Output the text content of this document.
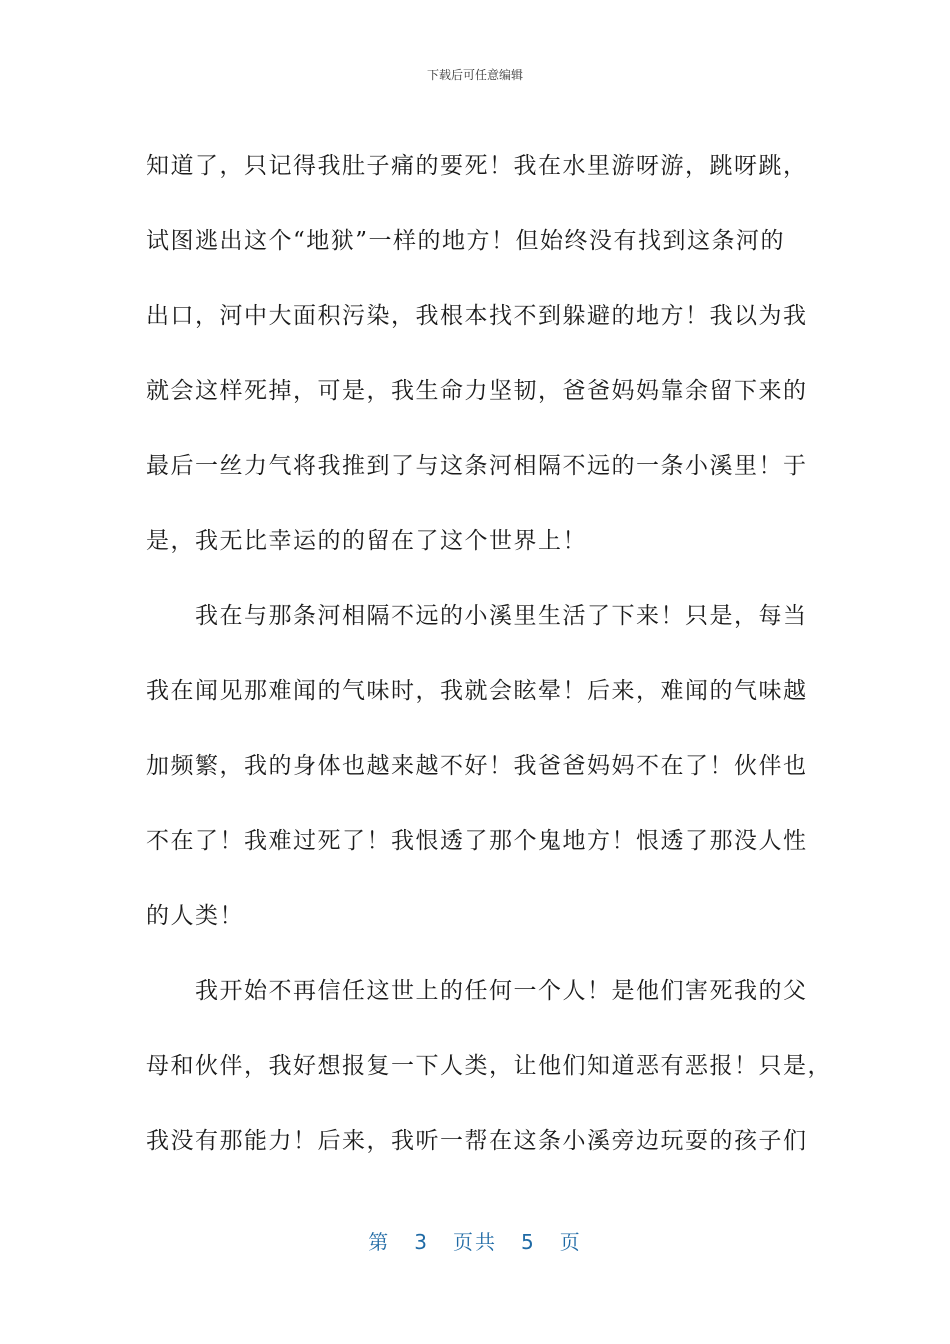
下载后可任意编辑
知道了，只记得我肚子痛的要死！我在水里游呀游，跳呀跳，
试图逃出这个“地狱”一样的地方！但始终没有找到这条河的
出口，河中大面积污染，我根本找不到躲避的地方！我以为我
就会这样死掉，可是，我生命力坚韧，爸爸妈妈靠余留下来的
最后一丝力气将我推到了与这条河相隔不远的一条小溪里！于
是，我无比幸运的的留在了这个世界上！
　　我在与那条河相隔不远的小溪里生活了下来！只是，每当
我在闻见那难闻的气味时，我就会眩晕！后来，难闻的气味越
加频繁，我的身体也越来越不好！我爸爸妈妈不在了！伙伴也
不在了！我难过死了！我恨透了那个鬼地方！恨透了那没人性
的人类！
　　我开始不再信任这世上的任何一个人！是他们害死我的父
母和伙伴，我好想报复一下人类，让他们知道恶有恶报！只是，
我没有那能力！后来，我听一帮在这条小溪旁边玩耍的孩子们
第 3 页共 5 页
